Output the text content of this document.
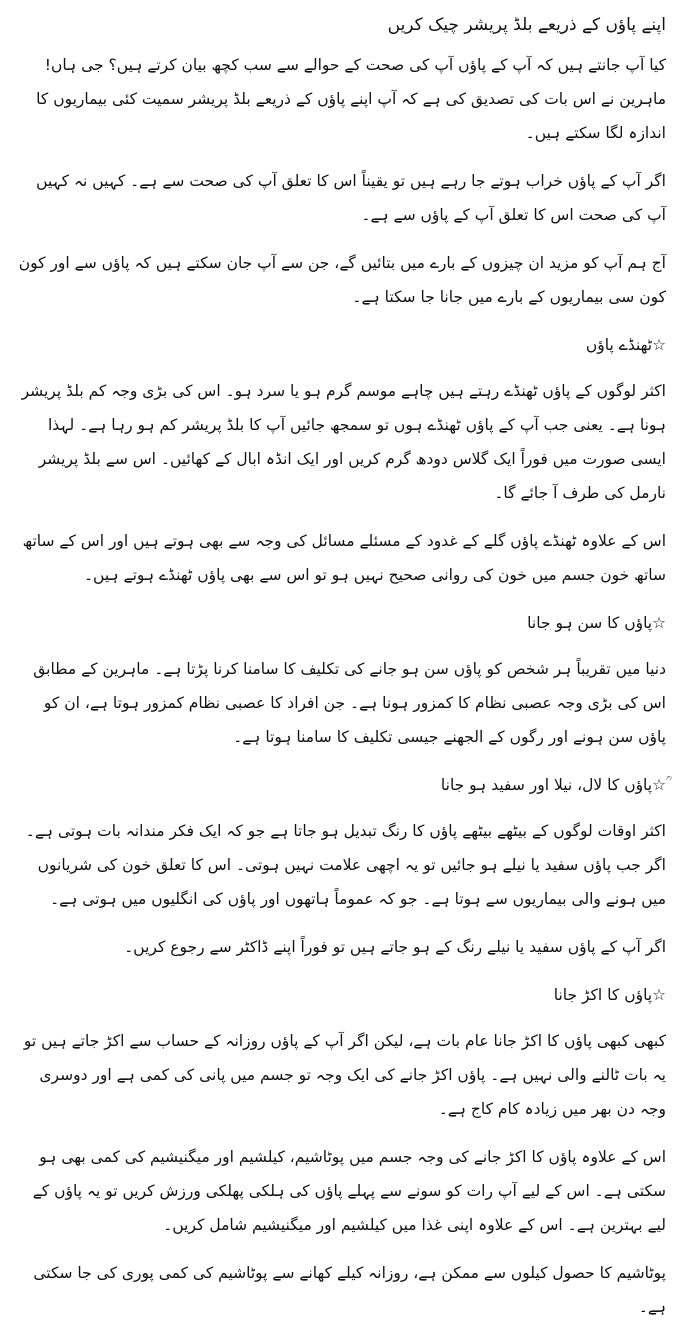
اپنے پاؤں کے ذریعے بلڈ پریشر چیک کریں

کیا آپ جانتے ہیں کہ آپ کے پاؤں آپ کی صحت کے حوالے سے سب کچھ بیان کرتے ہیں؟ جی ہاں! ماہرین نے اس بات کی تصدیق کی ہے کہ آپ اپنے پاؤں کے ذریعے بلڈ پریشر سمیت کئی بیماریوں کا اندازہ لگا سکتے ہیں۔

اگر آپ کے پاؤں خراب ہوتے جا رہے ہیں تو یقیناً اس کا تعلق آپ کی صحت سے ہے۔ کہیں نہ کہیں آپ کی صحت اس کا تعلق آپ کے پاؤں سے ہے۔

آج ہم آپ کو مزید ان چیزوں کے بارے میں بتائیں گے، جن سے آپ جان سکتے ہیں کہ پاؤں سے اور کون کون سی بیماریوں کے بارے میں جانا جا سکتا ہے۔

☆ٹھنڈے پاؤں

اکثر لوگوں کے پاؤں ٹھنڈے رہتے ہیں چاہے موسم گرم ہو یا سرد ہو۔ اس کی بڑی وجہ کم بلڈ پریشر ہونا ہے۔ یعنی جب آپ کے پاؤں ٹھنڈے ہوں تو سمجھ جائیں آپ کا بلڈ پریشر کم ہو رہا ہے۔ لہذا ایسی صورت میں فوراً ایک گلاس دودھ گرم کریں اور ایک انڈہ ابال کے کھائیں۔ اس سے بلڈ پریشر نارمل کی طرف آ جائے گا۔

اس کے علاوہ ٹھنڈے پاؤں گلے کے غدود کے مسئلے مسائل کی وجہ سے بھی ہوتے ہیں اور اس کے ساتھ ساتھ خون جسم میں خون کی روانی صحیح نہیں ہو تو اس سے بھی پاؤں ٹھنڈے ہوتے ہیں۔

☆پاؤں کا سن ہو جانا

دنیا میں تقریباً ہر شخص کو پاؤں سن ہو جانے کی تکلیف کا سامنا کرنا پڑتا ہے۔ ماہرین کے مطابق اس کی بڑی وجہ عصبی نظام کا کمزور ہونا ہے۔ جن افراد کا عصبی نظام کمزور ہوتا ہے، ان کو پاؤں سن ہونے اور رگوں کے الجھنے جیسی تکلیف کا سامنا ہوتا ہے۔

ؒ☆پاؤں کا لال، نیلا اور سفید ہو جانا

اکثر اوقات لوگوں کے بیٹھے بیٹھے پاؤں کا رنگ تبدیل ہو جاتا ہے جو کہ ایک فکر مندانہ بات ہوتی ہے۔ اگر جب پاؤں سفید یا نیلے ہو جائیں تو یہ اچھی علامت نہیں ہوتی۔ اس کا تعلق خون کی شریانوں میں ہونے والی بیماریوں سے ہوتا ہے۔ جو کہ عموماً ہاتھوں اور پاؤں کی انگلیوں میں ہوتی ہے۔

اگر آپ کے پاؤں سفید یا نیلے رنگ کے ہو جاتے ہیں تو فوراً اپنے ڈاکٹر سے رجوع کریں۔

☆پاؤں کا اکڑ جانا

کبھی کبھی پاؤں کا اکڑ جانا عام بات ہے، لیکن اگر آپ کے پاؤں روزانہ کے حساب سے اکڑ جاتے ہیں تو یہ بات ٹالنے والی نہیں ہے۔ پاؤں اکڑ جانے کی ایک وجہ تو جسم میں پانی کی کمی ہے اور دوسری وجہ دن بھر میں زیادہ کام کاج ہے۔

اس کے علاوہ پاؤں کا اکڑ جانے کی وجہ جسم میں پوٹاشیم، کیلشیم اور میگنیشیم کی کمی بھی ہو سکتی ہے۔ اس کے لیے آپ رات کو سونے سے پہلے پاؤں کی ہلکی پھلکی ورزش کریں تو یہ پاؤں کے لیے بہترین ہے۔ اس کے علاوہ اپنی غذا میں کیلشیم اور میگنیشیم شامل کریں۔

پوٹاشیم کا حصول کیلوں سے ممکن ہے، روزانہ کیلے کھانے سے پوٹاشیم کی کمی پوری کی جا سکتی ہے۔
